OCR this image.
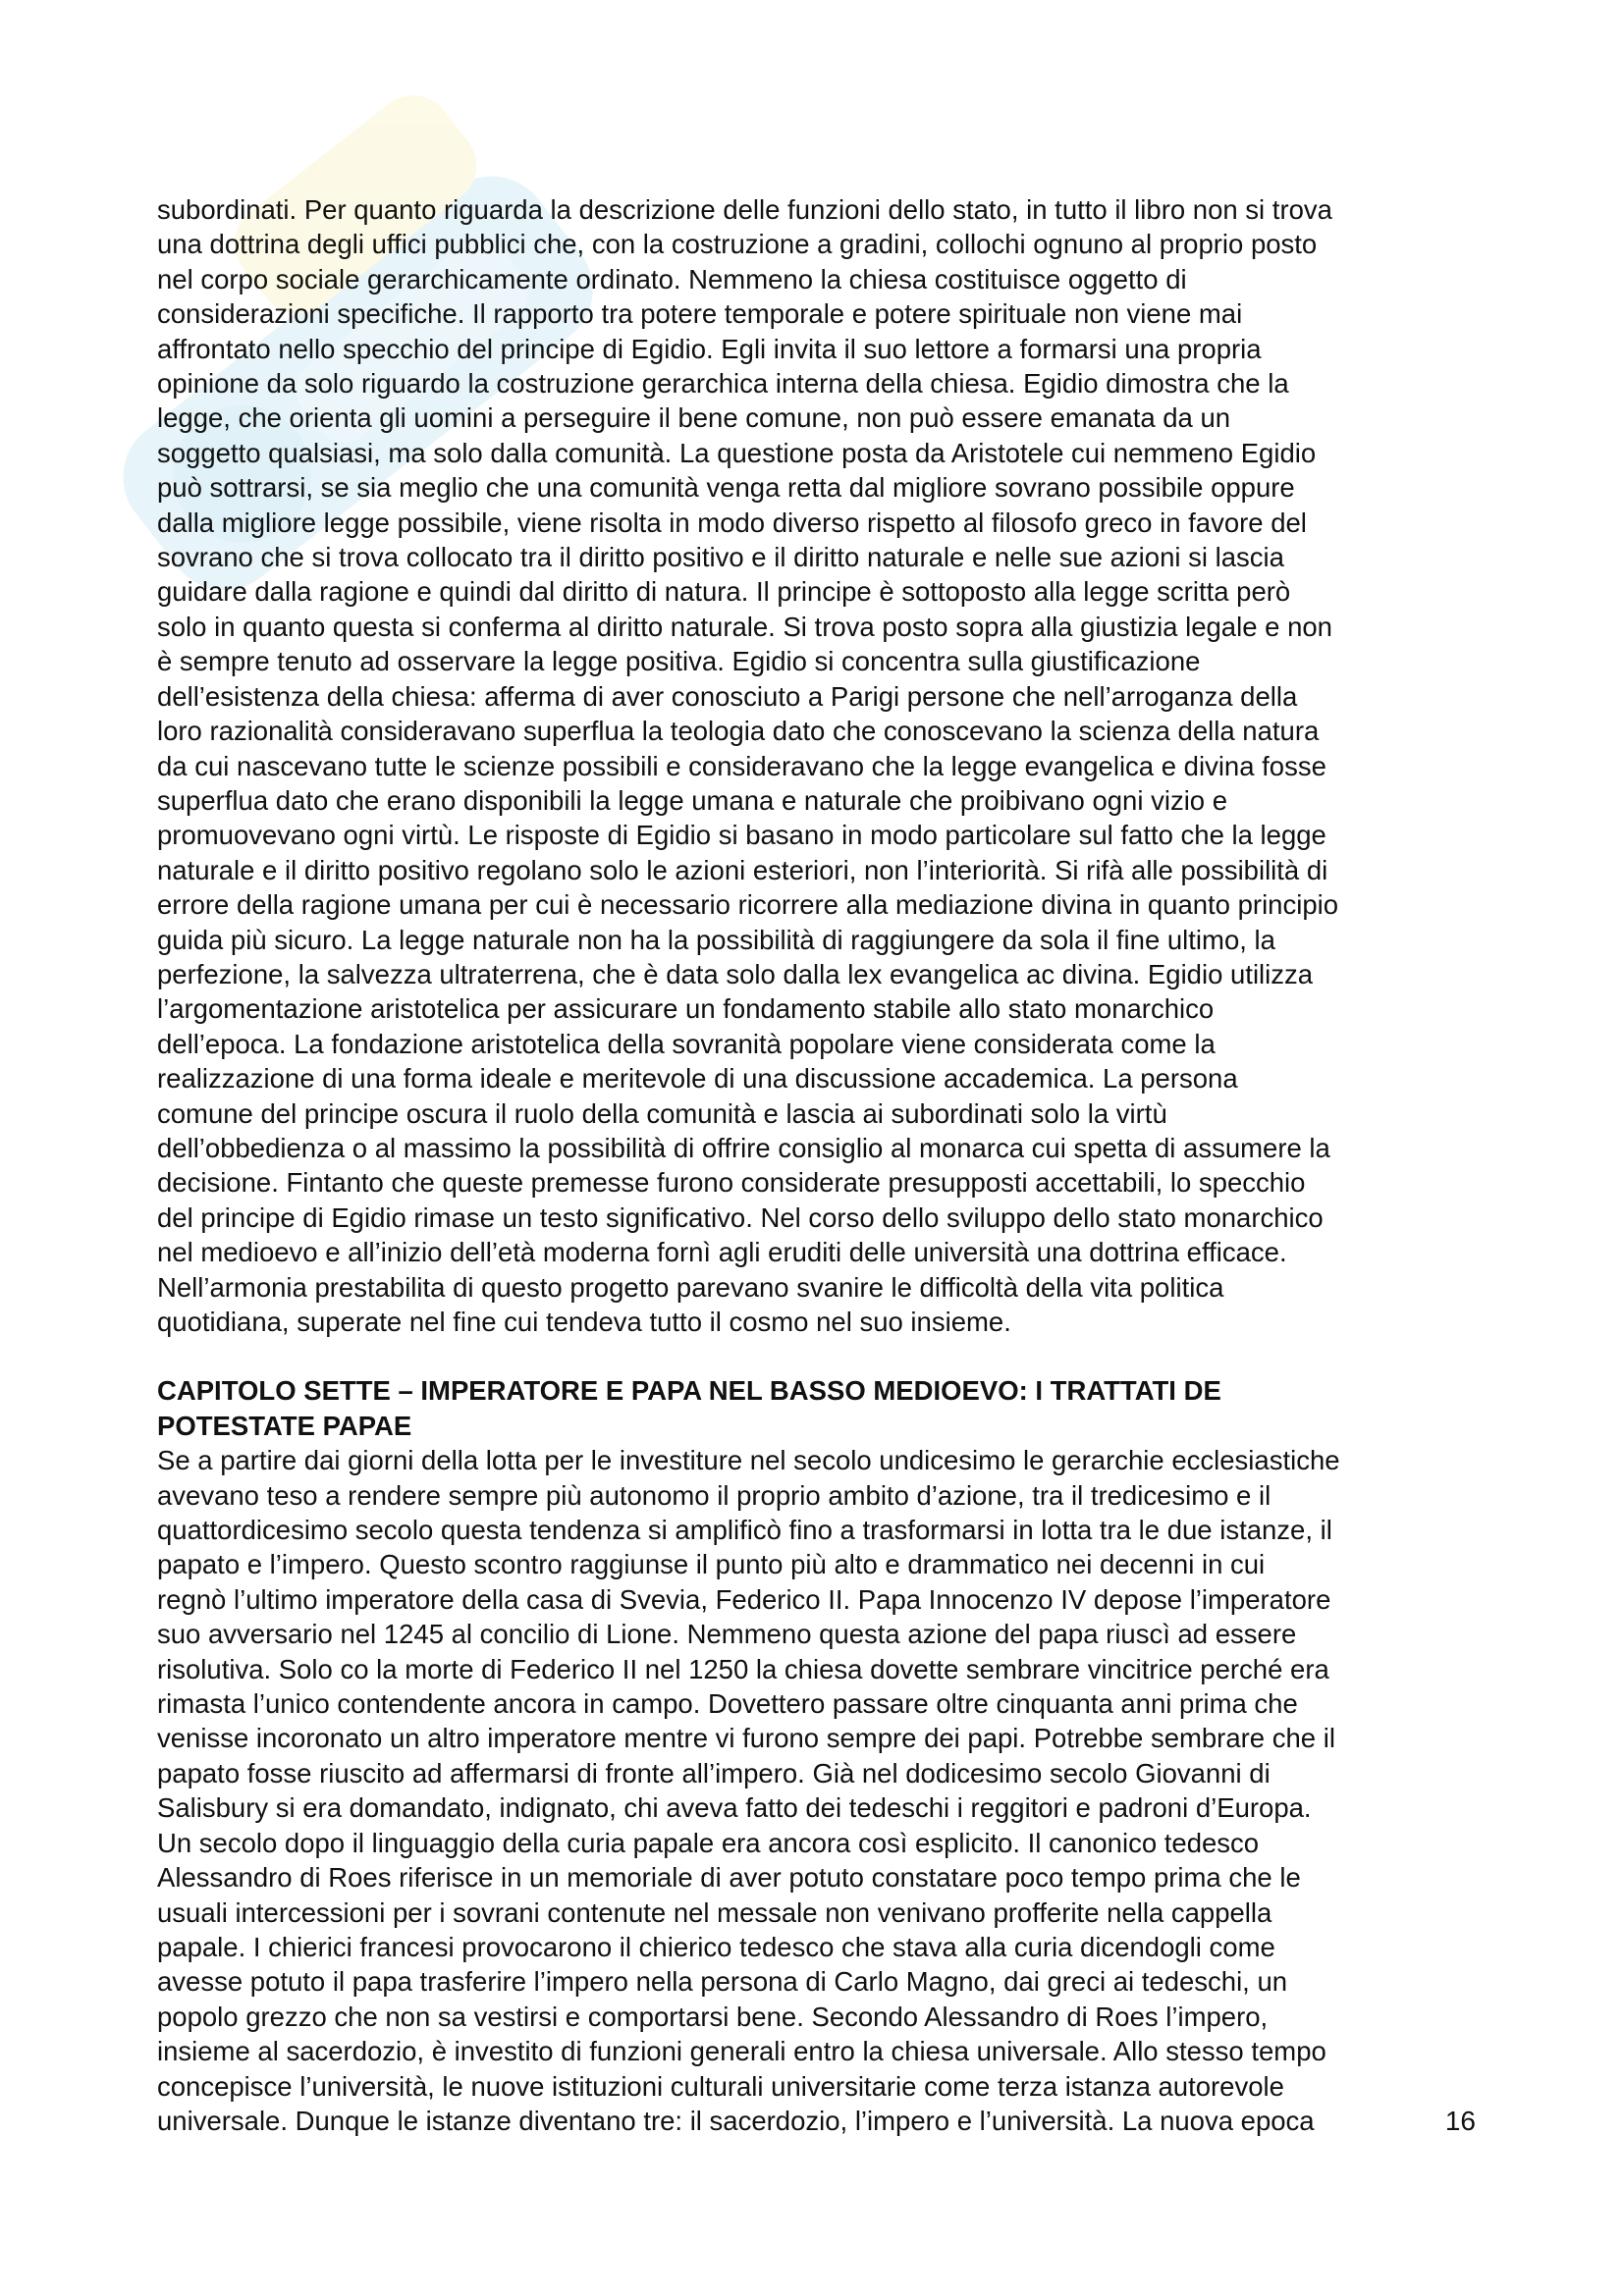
subordinati. Per quanto riguarda la descrizione delle funzioni dello stato, in tutto il libro non si trova
una dottrina degli uffici pubblici che, con la costruzione a gradini, collochi ognuno al proprio posto
nel corpo sociale gerarchicamente ordinato. Nemmeno la chiesa costituisce oggetto di
considerazioni specifiche. Il rapporto tra potere temporale e potere spirituale non viene mai
affrontato nello specchio del principe di Egidio. Egli invita il suo lettore a formarsi una propria
opinione da solo riguardo la costruzione gerarchica interna della chiesa. Egidio dimostra che la
legge, che orienta gli uomini a perseguire il bene comune, non può essere emanata da un
soggetto qualsiasi, ma solo dalla comunità. La questione posta da Aristotele cui nemmeno Egidio
può sottrarsi, se sia meglio che una comunità venga retta dal migliore sovrano possibile oppure
dalla migliore legge possibile, viene risolta in modo diverso rispetto al filosofo greco in favore del
sovrano che si trova collocato tra il diritto positivo e il diritto naturale e nelle sue azioni si lascia
guidare dalla ragione e quindi dal diritto di natura. Il principe è sottoposto alla legge scritta però
solo in quanto questa si conferma al diritto naturale. Si trova posto sopra alla giustizia legale e non
è sempre tenuto ad osservare la legge positiva. Egidio si concentra sulla giustificazione
dell’esistenza della chiesa: afferma di aver conosciuto a Parigi persone che nell’arroganza della
loro razionalità consideravano superflua la teologia dato che conoscevano la scienza della natura
da cui nascevano tutte le scienze possibili e consideravano che la legge evangelica e divina fosse
superflua dato che erano disponibili la legge umana e naturale che proibivano ogni vizio e
promuovevano ogni virtù. Le risposte di Egidio si basano in modo particolare sul fatto che la legge
naturale e il diritto positivo regolano solo le azioni esteriori, non l’interiorità. Si rifà alle possibilità di
errore della ragione umana per cui è necessario ricorrere alla mediazione divina in quanto principio
guida più sicuro. La legge naturale non ha la possibilità di raggiungere da sola il fine ultimo, la
perfezione, la salvezza ultraterrena, che è data solo dalla lex evangelica ac divina. Egidio utilizza
l’argomentazione aristotelica per assicurare un fondamento stabile allo stato monarchico
dell’epoca. La fondazione aristotelica della sovranità popolare viene considerata come la
realizzazione di una forma ideale e meritevole di una discussione accademica. La persona
comune del principe oscura il ruolo della comunità e lascia ai subordinati solo la virtù
dell’obbedienza o al massimo la possibilità di offrire consiglio al monarca cui spetta di assumere la
decisione. Fintanto che queste premesse furono considerate presupposti accettabili, lo specchio
del principe di Egidio rimase un testo significativo. Nel corso dello sviluppo dello stato monarchico
nel medioevo e all’inizio dell’età moderna fornì agli eruditi delle università una dottrina efficace.
Nell’armonia prestabilita di questo progetto parevano svanire le difficoltà della vita politica
quotidiana, superate nel fine cui tendeva tutto il cosmo nel suo insieme.

CAPITOLO SETTE – IMPERATORE E PAPA NEL BASSO MEDIOEVO: I TRATTATI DE
POTESTATE PAPAE

Se a partire dai giorni della lotta per le investiture nel secolo undicesimo le gerarchie ecclesiastiche
avevano teso a rendere sempre più autonomo il proprio ambito d’azione, tra il tredicesimo e il
quattordicesimo secolo questa tendenza si amplificò fino a trasformarsi in lotta tra le due istanze, il
papato e l’impero. Questo scontro raggiunse il punto più alto e drammatico nei decenni in cui
regnò l’ultimo imperatore della casa di Svevia, Federico II. Papa Innocenzo IV depose l’imperatore
suo avversario nel 1245 al concilio di Lione. Nemmeno questa azione del papa riuscì ad essere
risolutiva. Solo co la morte di Federico II nel 1250 la chiesa dovette sembrare vincitrice perché era
rimasta l’unico contendente ancora in campo. Dovettero passare oltre cinquanta anni prima che
venisse incoronato un altro imperatore mentre vi furono sempre dei papi. Potrebbe sembrare che il
papato fosse riuscito ad affermarsi di fronte all’impero. Già nel dodicesimo secolo Giovanni di
Salisbury si era domandato, indignato, chi aveva fatto dei tedeschi i reggitori e padroni d’Europa.
Un secolo dopo il linguaggio della curia papale era ancora così esplicito. Il canonico tedesco
Alessandro di Roes riferisce in un memoriale di aver potuto constatare poco tempo prima che le
usuali intercessioni per i sovrani contenute nel messale non venivano profferite nella cappella
papale. I chierici francesi provocarono il chierico tedesco che stava alla curia dicendogli come
avesse potuto il papa trasferire l’impero nella persona di Carlo Magno, dai greci ai tedeschi, un
popolo grezzo che non sa vestirsi e comportarsi bene. Secondo Alessandro di Roes l’impero,
insieme al sacerdozio, è investito di funzioni generali entro la chiesa universale. Allo stesso tempo
concepisce l’università, le nuove istituzioni culturali universitarie come terza istanza autorevole
universale. Dunque le istanze diventano tre: il sacerdozio, l’impero e l’università. La nuova epoca	16
